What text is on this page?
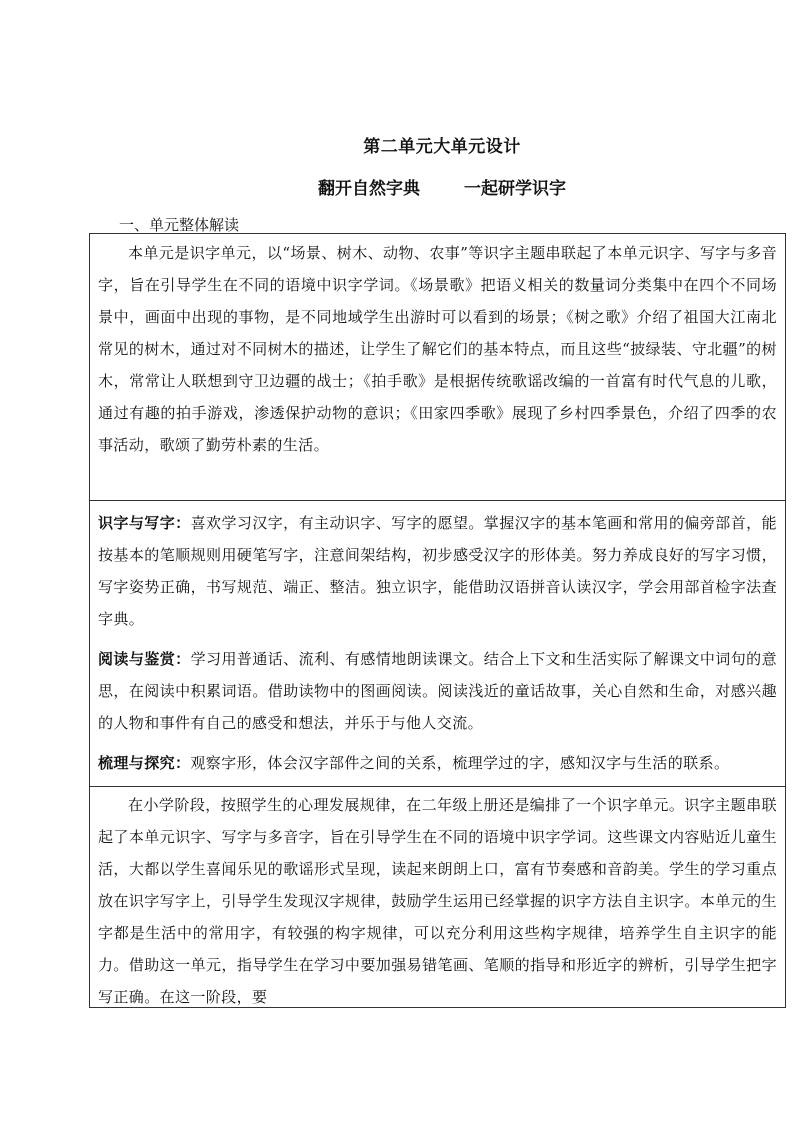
第二单元大单元设计
翻开自然字典	一起研学识字
一、单元整体解读
本单元是识字单元，以“场景、树木、动物、农事”等识字主题串联起了本单元识字、写字与多音字，旨在引导学生在不同的语境中识字学词。《场景歌》把语义相关的数量词分类集中在四个不同场景中，画面中出现的事物，是不同地域学生出游时可以看到的场景；《树之歌》介绍了祖国大江南北常见的树木，通过对不同树木的描述，让学生了解它们的基本特点，而且这些“披绿装、守北疆”的树木，常常让人联想到守卫边疆的战士；《拍手歌》是根据传统歌谣改编的一首富有时代气息的儿歌，通过有趣的拍手游戏，渗透保护动物的意识；《田家四季歌》展现了乡村四季景色，介绍了四季的农事活动，歌颂了勤劳朴素的生活。

识字与写字：喜欢学习汉字，有主动识字、写字的愿望。掌握汉字的基本笔画和常用的偏旁部首，能按基本的笔顺规则用硬笔写字，注意间架结构，初步感受汉字的形体美。努力养成良好的写字习惯，写字姿势正确，书写规范、端正、整洁。独立识字，能借助汉语拼音认读汉字，学会用部首检字法查字典。

阅读与鉴赏：学习用普通话、流利、有感情地朗读课文。结合上下文和生活实际了解课文中词句的意思，在阅读中积累词语。借助读物中的图画阅读。阅读浅近的童话故事，关心自然和生命，对感兴趣的人物和事件有自己的感受和想法，并乐于与他人交流。

梳理与探究：观察字形，体会汉字部件之间的关系，梳理学过的字，感知汉字与生活的联系。

在小学阶段，按照学生的心理发展规律，在二年级上册还是编排了一个识字单元。识字主题串联起了本单元识字、写字与多音字，旨在引导学生在不同的语境中识字学词。这些课文内容贴近儿童生活，大都以学生喜闻乐见的歌谣形式呈现，读起来朗朗上口，富有节奏感和音韵美。学生的学习重点放在识字写字上，引导学生发现汉字规律，鼓励学生运用已经掌握的识字方法自主识字。本单元的生字都是生活中的常用字，有较强的构字规律，可以充分利用这些构字规律，培养学生自主识字的能力。借助这一单元，指导学生在学习中要加强易错笔画、笔顺的指导和形近字的辨析，引导学生把字写正确。在这一阶段，要
